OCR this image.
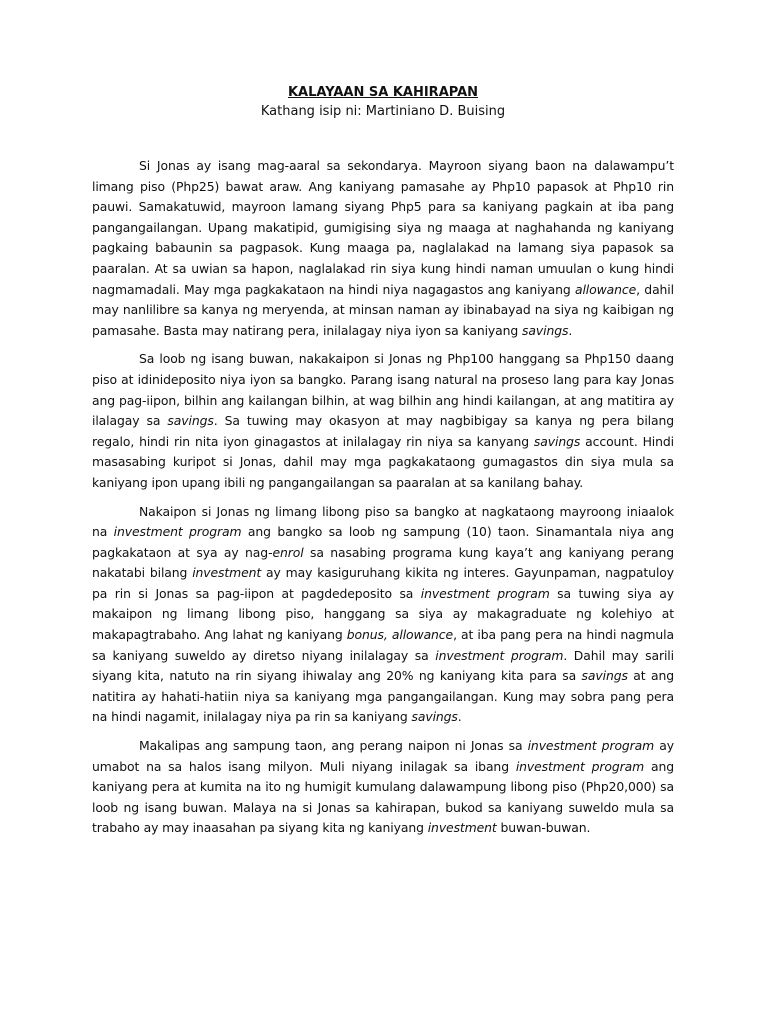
KALAYAAN SA KAHIRAPAN

Kathang isip ni: Martiniano D. Buising

Si Jonas ay isang mag-aaral sa sekondarya. Mayroon siyang baon na dalawampu’t limang piso (Php25) bawat araw. Ang kaniyang pamasahe ay Php10 papasok at Php10 rin pauwi. Samakatuwid, mayroon lamang siyang Php5 para sa kaniyang pagkain at iba pang pangangailangan. Upang makatipid, gumigising siya ng maaga at naghahanda ng kaniyang pagkaing babaunin sa pagpasok. Kung maaga pa, naglalakad na lamang siya papasok sa paaralan. At sa uwian sa hapon, naglalakad rin siya kung hindi naman umuulan o kung hindi nagmamadali. May mga pagkakataon na hindi niya nagagastos ang kaniyang allowance, dahil may nanlilibre sa kanya ng meryenda, at minsan naman ay ibinabayad na siya ng kaibigan ng pamasahe. Basta may natirang pera, inilalagay niya iyon sa kaniyang savings.

Sa loob ng isang buwan, nakakaipon si Jonas ng Php100 hanggang sa Php150 daang piso at idinideposito niya iyon sa bangko. Parang isang natural na proseso lang para kay Jonas ang pag-iipon, bilhin ang kailangan bilhin, at wag bilhin ang hindi kailangan, at ang matitira ay ilalagay sa savings. Sa tuwing may okasyon at may nagbibigay sa kanya ng pera bilang regalo, hindi rin nita iyon ginagastos at inilalagay rin niya sa kanyang savings account. Hindi masasabing kuripot si Jonas, dahil may mga pagkakataong gumagastos din siya mula sa kaniyang ipon upang ibili ng pangangailangan sa paaralan at sa kanilang bahay.

Nakaipon si Jonas ng limang libong piso sa bangko at nagkataong mayroong iniaalok na investment program ang bangko sa loob ng sampung (10) taon. Sinamantala niya ang pagkakataon at sya ay nag-enrol sa nasabing programa kung kaya’t ang kaniyang perang nakatabi bilang investment ay may kasiguruhang kikita ng interes. Gayunpaman, nagpatuloy pa rin si Jonas sa pag-iipon at pagdedeposito sa investment program sa tuwing siya ay makaipon ng limang libong piso, hanggang sa siya ay makagraduate ng kolehiyo at makapagtrabaho. Ang lahat ng kaniyang bonus, allowance, at iba pang pera na hindi nagmula sa kaniyang suweldo ay diretso niyang inilalagay sa investment program. Dahil may sarili siyang kita, natuto na rin siyang ihiwalay ang 20% ng kaniyang kita para sa savings at ang natitira ay hahati-hatiin niya sa kaniyang mga pangangailangan. Kung may sobra pang pera na hindi nagamit, inilalagay niya pa rin sa kaniyang savings.

Makalipas ang sampung taon, ang perang naipon ni Jonas sa investment program ay umabot na sa halos isang milyon. Muli niyang inilagak sa ibang investment program ang kaniyang pera at kumita na ito ng humigit kumulang dalawampung libong piso (Php20,000) sa loob ng isang buwan. Malaya na si Jonas sa kahirapan, bukod sa kaniyang suweldo mula sa trabaho ay may inaasahan pa siyang kita ng kaniyang investment buwan-buwan.
